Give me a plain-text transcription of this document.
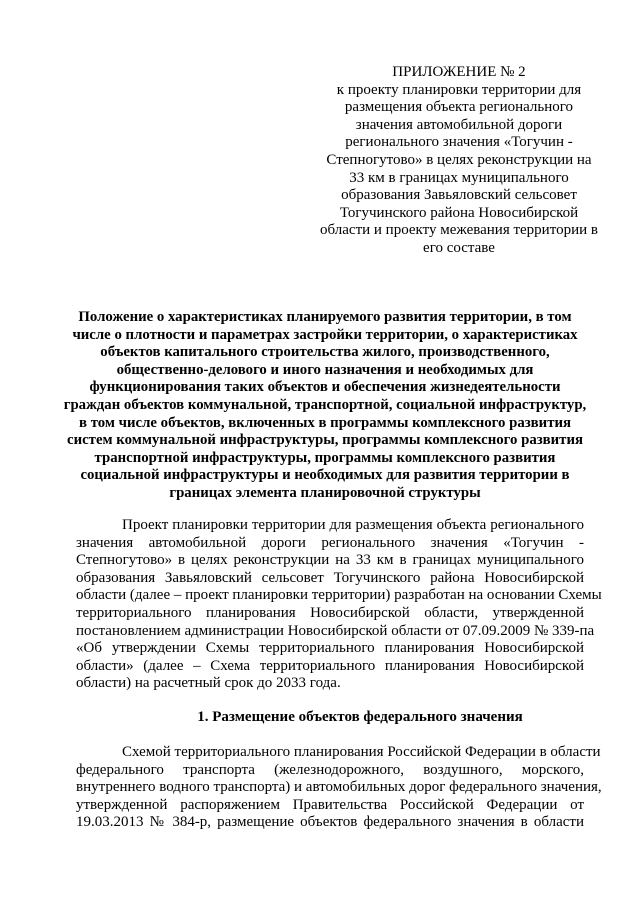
ПРИЛОЖЕНИЕ № 2
к проекту планировки территории для
размещения объекта регионального
значения автомобильной дороги
регионального значения «Тогучин -
Степногутово» в целях реконструкции на
33 км в границах муниципального
образования Завьяловский сельсовет
Тогучинского района Новосибирской
области и проекту межевания территории в
его составе
Положение о характеристиках планируемого развития территории, в том
числе о плотности и параметрах застройки территории, о характеристиках
объектов капитального строительства жилого, производственного,
общественно-делового и иного назначения и необходимых для
функционирования таких объектов и обеспечения жизнедеятельности
граждан объектов коммунальной, транспортной, социальной инфраструктур,
в том числе объектов, включенных в программы комплексного развития
систем коммунальной инфраструктуры, программы комплексного развития
транспортной инфраструктуры, программы комплексного развития
социальной инфраструктуры и необходимых для развития территории в
границах элемента планировочной структуры
Проект планировки территории для размещения объекта регионального
значения автомобильной дороги регионального значения «Тогучин -
Степногутово» в целях реконструкции на 33 км в границах муниципального
образования Завьяловский сельсовет Тогучинского района Новосибирской
области (далее – проект планировки территории) разработан на основании Схемы
территориального планирования Новосибирской области, утвержденной
постановлением администрации Новосибирской области от 07.09.2009 № 339-па
«Об утверждении Схемы территориального планирования Новосибирской
области» (далее – Схема территориального планирования Новосибирской
области) на расчетный срок до 2033 года.
1. Размещение объектов федерального значения
Схемой территориального планирования Российской Федерации в области
федерального транспорта (железнодорожного, воздушного, морского,
внутреннего водного транспорта) и автомобильных дорог федерального значения,
утвержденной распоряжением Правительства Российской Федерации от
19.03.2013 № 384-р, размещение объектов федерального значения в области
